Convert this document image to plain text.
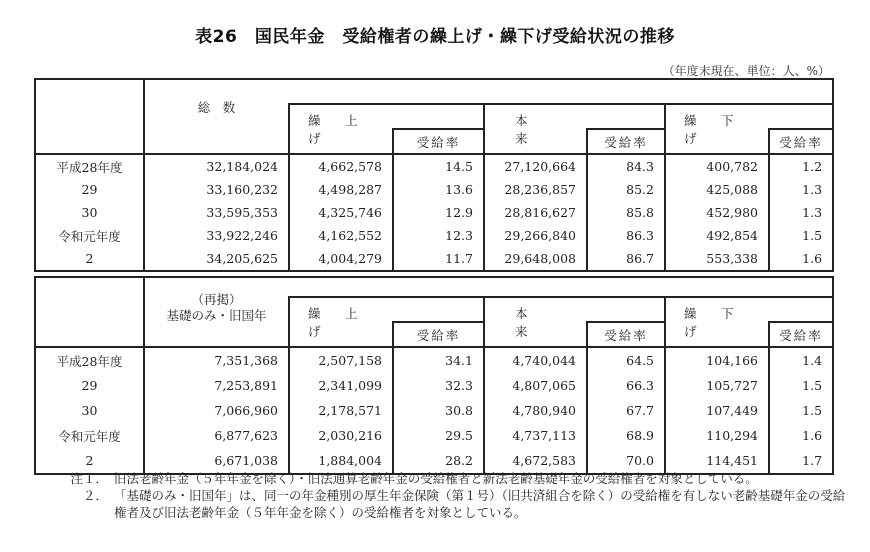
表26　国民年金　受給権者の繰上げ・繰下げ受給状況の推移
（年度末現在、単位：人、%）
	総　数						
		繰　上　げ		本　　来		繰　下　げ	
			受給率		受給率		受給率
平成28年度	32,184,024	4,662,578	14.5	27,120,664	84.3	400,782	1.2
29	33,160,232	4,498,287	13.6	28,236,857	85.2	425,088	1.3
30	33,595,353	4,325,746	12.9	28,816,627	85.8	452,980	1.3
令和元年度	33,922,246	4,162,552	12.3	29,266,840	86.3	492,854	1.5
2	34,205,625	4,004,279	11.7	29,648,008	86.7	553,338	1.6

	（再掲）
基礎のみ・旧国年						

		繰　上　げ		本　　来		繰　下　げ	
			受給率		受給率		受給率
平成28年度	7,351,368	2,507,158	34.1	4,740,044	64.5	104,166	1.4
29	7,253,891	2,341,099	32.3	4,807,065	66.3	105,727	1.5
30	7,066,960	2,178,571	30.8	4,780,940	67.7	107,449	1.5
令和元年度	6,877,623	2,030,216	29.5	4,737,113	68.9	110,294	1.6
2	6,671,038	1,884,004	28.2	4,672,583	70.0	114,451	1.7
注１． 旧法老齢年金（５年年金を除く）・旧法通算老齢年金の受給権者と新法老齢基礎年金の受給権者を対象としている。
２． 「基礎のみ・旧国年」は、同一の年金種別の厚生年金保険（第１号）（旧共済組合を除く）の受給権を有しない老齢基礎年金の受給権者及び旧法老齢年金（５年年金を除く）の受給権者を対象としている。
